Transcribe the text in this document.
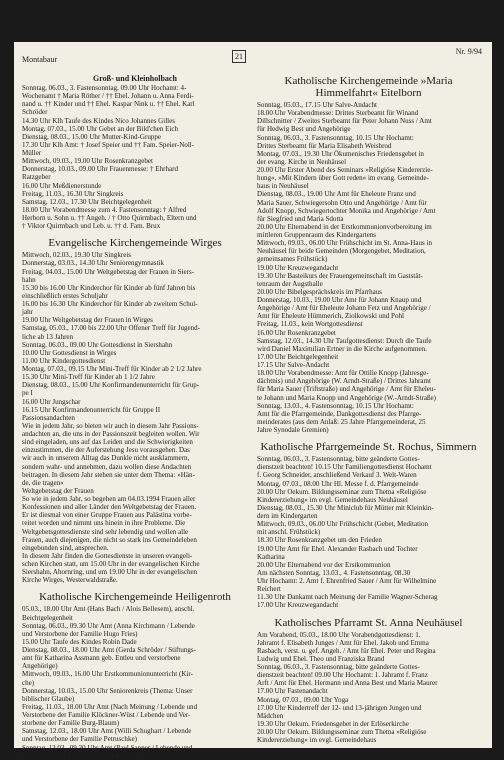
Montabaur	21
Nr. 9/94
Groß- und Kleinholbach

Sonntag, 06.03., 3. Fastensonntag, 09.00 Uhr Hochamt: 4-

Wochenamt † Maria Röther / †† Ehel. Johann u. Anna Ferdi-

nand u. †† Kinder und †† Ehel. Kaspar Nink u. †† Ehel. Karl

Schröder

14.30 Uhr Klh Taufe des Kindes Nico Johannes Gilles

Montag, 07.03., 15.00 Uhr Gebet an der Bild'chen Eich

Dienstag, 08.03., 15.00 Uhr Mutter-Kind-Gruppe

17.30 Uhr Klh Amt: † Josef Speier und †† Fam. Speier-Noll-

Müller

Mittwoch, 09.03., 19.00 Uhr Rosenkranzgebet

Donnerstag, 10.03., 09.00 Uhr Frauenmesse: † Ehrhard

Ratzgeber

16.00 Uhr Meßdienerstunde

Freitag, 11.03., 16.30 Uhr Singkreis

Samstag, 12.03., 17.30 Uhr Beichtgelegenheit

18.00 Uhr Vorabendmesse zum 4. Fastensonntag: † Alfred

Herborn u. Sohn u. †† Angeh. / † Otto Quirmbach, Eltern und

† Viktor Quirmbach und Leb. u. †† d. Fam. Brux

Evangelische Kirchengemeinde Wirges

Mittwoch, 02.03., 19.30 Uhr Singkreis

Donnerstag, 03.03., 14.30 Uhr Seniorengymnastik

Freitag, 04.03., 15.00 Uhr Weltgebetstag der Frauen in Siers-

hahn

15.30 bis 16.00 Uhr Kinderchor für Kinder ab fünf Jahren bis

einschließlich erstes Schuljahr

16.00 bis 16.30 Uhr Kinderchor für Kinder ab zweitem Schul-

jahr

19.00 Uhr Weltgebetstag der Frauen in Wirges

Samstag, 05.03., 17.00 bis 22.00 Uhr Offener Treff für Jugend-

liche ab 13 Jahren

Sonntag, 06.03., 09.00 Uhr Gottesdienst in Siershahn

10.00 Uhr Gottesdienst in Wirges

11.00 Uhr Kindergottesdienst

Montag, 07.03., 09.15 Uhr Mini-Treff für Kinder ab 2 1/2 Jahre

15.30 Uhr Mini-Treff für Kinder ab 1 1/2 Jahre

Dienstag, 08.03., 15.00 Uhr Konfirmandenunterricht für Grup-

pe I

16.00 Uhr Jungschar

16.15 Uhr Konfirmandenunterricht für Gruppe II

Passionsandachten

Wie in jedem Jahr, so bieten wir auch in diesem Jahr Passions-

andachten an, die uns in der Passionszeit begleiten wollen. Wir

sind eingeladen, uns auf das Leiden und die Schwierigkeiten

einzustimmen, die der Auferstehung Jesu vorausgehen. Das

wir auch in unserem Alltag das Dunkle nicht ausklammern,

sondern wahr- und annehmen, dazu wollen diese Andachten

beitragen. In diesem Jahr stehen sie unter dem Thema: »Hän-

de, die tragen«

Weltgebetstag der Frauen

So wie in jedem Jahr, so begehen am 04.03.1994 Frauen aller

Konfessionen und aller Länder den Weltgebetstag der Frauen.

Er ist diesmal von einer Gruppe Frauen aus Palästina vorbe-

reitet worden und nimmt uns hinein in ihre Probleme. Die

Weltgebetsgottesdienste sind sehr lebendig und wollen alle

Frauen, auch diejenigen, die nicht so stark ins Gemeindeleben

eingebunden sind, ansprechen.

In diesem Jahr finden die Gottesdienste in unseren evangeli-

schen Kirchen statt, um 15.00 Uhr in der evangelischen Kirche

Siershahn, Ahornring, und um 19.00 Uhr in der evangelischen

Kirche Wirges, Westerwaldstraße.

Katholische Kirchengemeinde Heiligenroth

05.03., 18.00 Uhr Amt (Hans Bach / Alois Bellesem), anschl.

Beichtgelegenheit

Sonntag, 06.03., 09.30 Uhr Amt (Anna Kirchmann / Lebende

und Verstorbene der Familie Hugo Fries)

15.00 Uhr Taufe des Kindes Robin Dade

Dienstag, 08.03., 18.00 Uhr Amt (Gerda Schröder / Stiftungs-

amt für Katharina Assmann geb. Entleu und verstorbene

Angehörige)

Mittwoch, 09.03., 16.00 Uhr Erstkommunionunterricht (Kir-

che)

Donnerstag, 10.03., 15.00 Uhr Seniorenkreis (Thema: Unser

biblischer Glaube)

Freitag, 11.03., 18.00 Uhr Amt (Nach Meinung / Lebende und

Verstorbene der Familie Klöckner-Wüst / Lebende und Ver-

storbene der Familie Burg-Blaum)

Samstag, 12.03., 18.00 Uhr Amt (Willi Schughart / Lebende

und Verstorbene der Familie Petruschke)

Sonntag, 13.03., 09.30 Uhr Amt (Paul Sanner / Lebende und

Verstorbene der Familie Richard Meurer)

Katholische Kirchengemeinde »Maria Himmelfahrt« Eitelborn

Sonntag, 05.03., 17.15 Uhr Salve-Andacht

18.00 Uhr Vorabendmesse: Drittes Sterbeamt für Winand

Dillschnitter / Zweites Sterbeamt für Peter Johann Nuss / Amt

für Hedwig Best und Angehörige

Sonntag, 06.03., 3. Fastensonntag, 10.15 Uhr Hochamt:

Drittes Sterbeamt für Maria Elisabeth Weisbrod

Montag, 07.03., 19.30 Uhr Ökumenisches Friedensgebet in

der evang. Kirche in Neuhäusel

20.00 Uhr Erster Abend des Seminars »Religiöse Kindererzie-

hung«, »Mit Kindern über Gott reden« im evang. Gemeinde-

haus in Neuhäusel

Dienstag, 08.03., 19.00 Uhr Amt für Eheleute Franz und

Maria Sauer, Schwiegersohn Otto und Angehörige / Amt für

Adolf Knopp, Schwiegertochter Monika und Angehörige / Amt

für Siegfried und Maria Sdotta

20.00 Uhr Elternabend in der Erstkommunionvorbereitung im

mittleren Gruppenraum des Kindergartens

Mittwoch, 09.03., 06.00 Uhr Frühschicht im St. Anna-Haus in

Neuhäusel für beide Gemeinden (Morgengebet, Meditation,

gemeinsames Frühstück)

19.00 Uhr Kreuzwegandacht

19.30 Uhr Basteikurs der Frauengemeinschaft im Gaststät-

tenraum der Augsthalle

20.00 Uhr Bibelgesprächskreis im Pfarrhaus

Donnerstag, 10.03., 19.00 Uhr Amt für Johann Knaup und

Angehörige / Amt für Eheleute Johann Fetz und Angehörige /

Amt für Eheleute Hümmerich, Ziolkowski und Pohl

Freitag, 11.03., kein Wortgottesdienst

16.00 Uhr Rosenkranzgebet

Samstag, 12.03., 14.30 Uhr Taufgottesdienst: Durch die Taufe

wird Daniel Maximilian Ertner in die Kirche aufgenommen.

17.00 Uhr Beichtgelegenheit

17.15 Uhr Salve-Andacht

18.00 Uhr Vorabendmesse: Amt für Ottilie Knopp (Jahresge-

dächtnis) und Angehörige (W. Arndt-Straße) / Drittes Jahramt

für Maria Sauer (Triftstraße) und Angehörige / Amt für Eheleu-

te Johann und Maria Knopp und Angehörige (W.-Arndt-Straße)

Sonntag, 13.03., 4. Fastensonntag, 10.15 Uhr Hochamt:

Amt für die Pfarrgemeinde, Dankgottesdienst des Pfarrge-

meinderates (aus dem Anlaß: 25 Jahre Pfarrgemeinderat, 25

Jahre Synodale Gremien)

Katholische Pfarrgemeinde St. Rochus, Simmern

Sonntag, 06.03., 3. Fastensonntag, bitte geänderte Gottes-

dienstzeit beachten! 10.15 Uhr Familiengottesdienst Hochamt

f. Georg Schneider, anschließend Verkauf 3. Welt-Waren

Montag, 07.03., 08.00 Uhr Hl. Messe f. d. Pfarrgemeinde

20.00 Uhr Oekum. Bildungsseminar zum Thema »Religiöse

Kindererziehung« im evgl. Gemeindehaus Neuhäusel

Dienstag, 08.03., 15.30 Uhr Miniclub für Mütter mit Kleinkin-

dern im Kindergarten

Mittwoch, 09.03., 06.00 Uhr Frühschicht (Gebet, Meditation

mit anschl. Frühstück)

18.30 Uhr Rosenkranzgebet um den Frieden

19.00 Uhr Amt für Ehel. Alexander Rasbach und Tochter

Katharina

20.00 Uhr Elternabend vor der Erstkommunion

Am nächsten Sonntag, 13.03., 4. Fastensonntag, 08.30

Uhr Hochamt: 2. Amt f. Ehrenfried Sauer / Amt für Wilhelmine

Reichert

11.30 Uhr Dankamt nach Meinung der Familie Wagner-Scherag

17.00 Uhr Kreuzwegandacht

Katholisches Pfarramt St. Anna Neuhäusel

Am Vorabend, 05.03., 18.00 Uhr Vorabendgottesdienst: 1.

Jahramt f. Elisabeth Junges / Amt für Ehel. Jakob und Emma

Rasbach, verst. u. gef. Angeh. / Amt für Ehel. Peter und Regina

Ludwig und Ehel. Theo und Franziska Brand

Sonntag, 06.03., 3. Fastensonntag, bitte geänderte Gottes-

dienstzeit beachten! 09.00 Uhr Hochamt: 1. Jahramt f. Franz

Arft / Amt für Ehel. Hermann und Anna Best und Maria Maurer

17.00 Uhr Fastenandacht

Montag, 07.03., 09.00 Uhr Yoga

17.00 Uhr Kindertreff der 12- und 13-jährigen Jungen und

Mädchen

19.30 Uhr Oekum. Friedensgebet in der Erlöserkirche

20.00 Uhr Oekum. Bildungsseminar zum Thema »Religiöse

Kindererziehung« im evgl. Gemeindehaus
